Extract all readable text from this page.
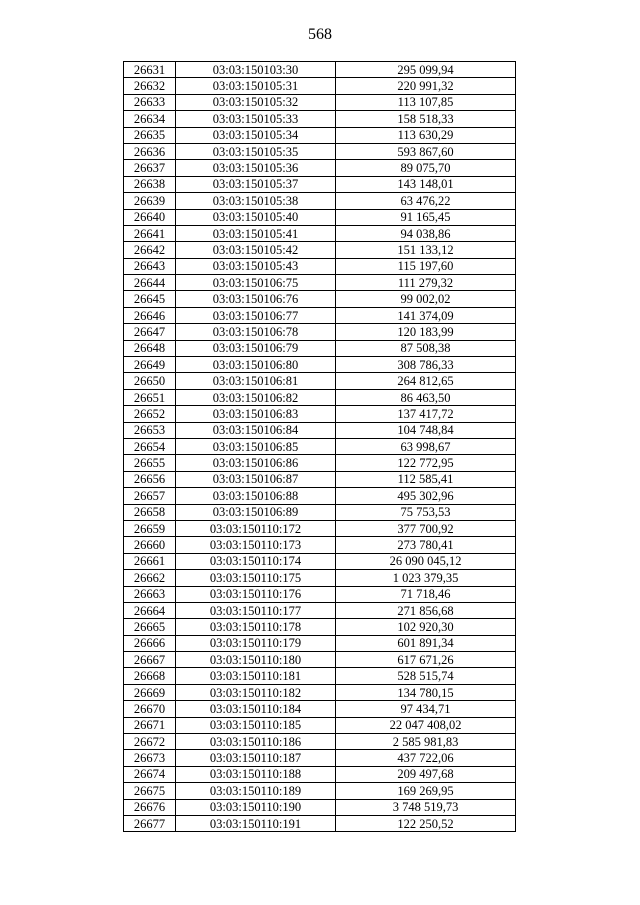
568
26631	03:03:150103:30	295 099,94
26632	03:03:150105:31	220 991,32
26633	03:03:150105:32	113 107,85
26634	03:03:150105:33	158 518,33
26635	03:03:150105:34	113 630,29
26636	03:03:150105:35	593 867,60
26637	03:03:150105:36	89 075,70
26638	03:03:150105:37	143 148,01
26639	03:03:150105:38	63 476,22
26640	03:03:150105:40	91 165,45
26641	03:03:150105:41	94 038,86
26642	03:03:150105:42	151 133,12
26643	03:03:150105:43	115 197,60
26644	03:03:150106:75	111 279,32
26645	03:03:150106:76	99 002,02
26646	03:03:150106:77	141 374,09
26647	03:03:150106:78	120 183,99
26648	03:03:150106:79	87 508,38
26649	03:03:150106:80	308 786,33
26650	03:03:150106:81	264 812,65
26651	03:03:150106:82	86 463,50
26652	03:03:150106:83	137 417,72
26653	03:03:150106:84	104 748,84
26654	03:03:150106:85	63 998,67
26655	03:03:150106:86	122 772,95
26656	03:03:150106:87	112 585,41
26657	03:03:150106:88	495 302,96
26658	03:03:150106:89	75 753,53
26659	03:03:150110:172	377 700,92
26660	03:03:150110:173	273 780,41
26661	03:03:150110:174	26 090 045,12
26662	03:03:150110:175	1 023 379,35
26663	03:03:150110:176	71 718,46
26664	03:03:150110:177	271 856,68
26665	03:03:150110:178	102 920,30
26666	03:03:150110:179	601 891,34
26667	03:03:150110:180	617 671,26
26668	03:03:150110:181	528 515,74
26669	03:03:150110:182	134 780,15
26670	03:03:150110:184	97 434,71
26671	03:03:150110:185	22 047 408,02
26672	03:03:150110:186	2 585 981,83
26673	03:03:150110:187	437 722,06
26674	03:03:150110:188	209 497,68
26675	03:03:150110:189	169 269,95
26676	03:03:150110:190	3 748 519,73
26677	03:03:150110:191	122 250,52
